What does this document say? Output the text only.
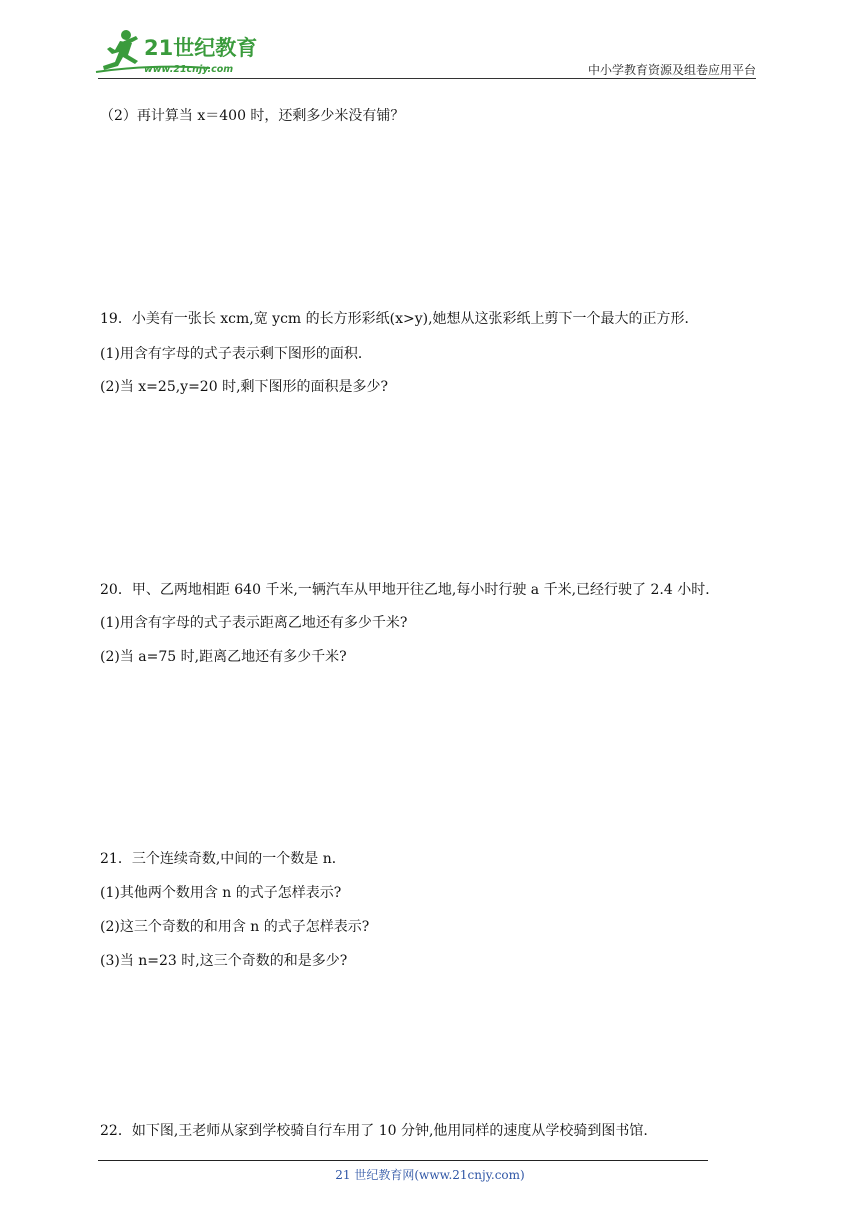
21世纪教育
www.21cnjy.com	中小学教育资源及组卷应用平台
（2）再计算当 x＝400 时，还剩多少米没有铺？
19．小美有一张长 xcm,宽 ycm 的长方形彩纸(x>y),她想从这张彩纸上剪下一个最大的正方形．
(1)用含有字母的式子表示剩下图形的面积．
(2)当 x=25,y=20 时,剩下图形的面积是多少?
20．甲、乙两地相距 640 千米,一辆汽车从甲地开往乙地,每小时行驶 a 千米,已经行驶了 2.4 小时．
(1)用含有字母的式子表示距离乙地还有多少千米?
(2)当 a=75 时,距离乙地还有多少千米?
21．三个连续奇数,中间的一个数是 n．
(1)其他两个数用含 n 的式子怎样表示?
(2)这三个奇数的和用含 n 的式子怎样表示?
(3)当 n=23 时,这三个奇数的和是多少?
22．如下图,王老师从家到学校骑自行车用了 10 分钟,他用同样的速度从学校骑到图书馆.
21 世纪教育网(www.21cnjy.com)
